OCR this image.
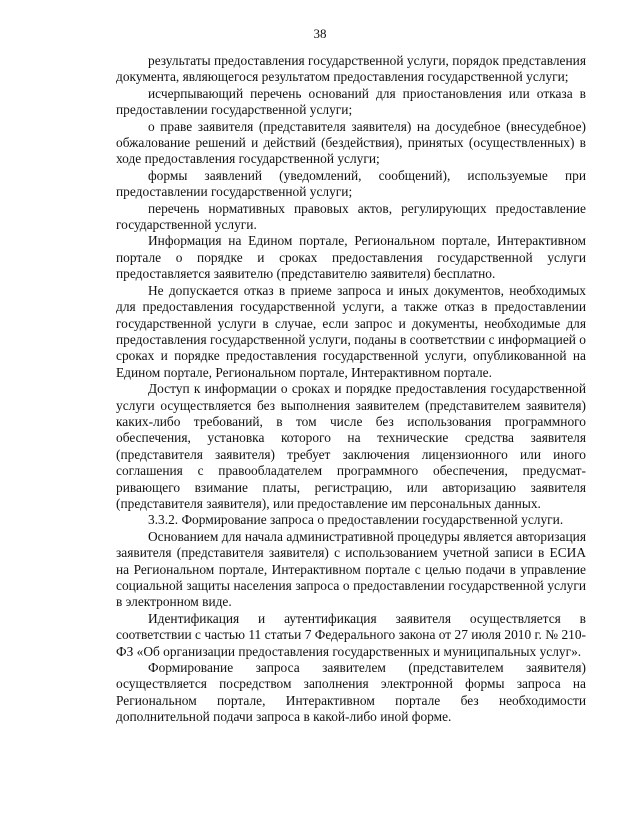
38

результаты предоставления государственной услуги, порядок представления документа, являющегося результатом предоставления государственной услуги;

исчерпывающий перечень оснований для приостановления или отказа в предоставлении государственной услуги;

о праве заявителя (представителя заявителя) на досудебное (внесудебное) обжалование решений и действий (бездействия), принятых (осуществленных) в ходе предоставления государственной услуги;

формы заявлений (уведомлений, сообщений), используемые при предоставлении государственной услуги;

перечень нормативных правовых актов, регулирующих предоставление государственной услуги.

Информация на Едином портале, Региональном портале, Интерактивном портале о порядке и сроках предоставления государственной услуги предоставляется заявителю (представителю заявителя) бесплатно.

Не допускается отказ в приеме запроса и иных документов, необходимых для предоставления государственной услуги, а также отказ в предоставлении государственной услуги в случае, если запрос и документы, необходимые для предоставления государственной услуги, поданы в соответствии с информацией о сроках и порядке предоставления государственной услуги, опубликованной на Едином портале, Региональном портале, Интерактивном портале.

Доступ к информации о сроках и порядке предоставления государственной услуги осуществляется без выполнения заявителем (представителем заявителя) каких-либо требований, в том числе без использования программного обеспечения, установка которого на технические средства заявителя (представителя заявителя) требует заключения лицензионного или иного соглашения с правообладателем программного обеспечения, предусмат-ривающего взимание платы, регистрацию, или авторизацию заявителя (представителя заявителя), или предоставление им персональных данных.

3.3.2. Формирование запроса о предоставлении государственной услуги.

Основанием для начала административной процедуры является авторизация заявителя (представителя заявителя) с использованием учетной записи в ЕСИА на Региональном портале, Интерактивном портале с целью подачи в управление социальной защиты населения запроса о предоставлении государственной услуги в электронном виде.

Идентификация и аутентификация заявителя осуществляется в соответствии с частью 11 статьи 7 Федерального закона от 27 июля 2010 г. № 210-ФЗ «Об организации предоставления государственных и муниципальных услуг».

Формирование запроса заявителем (представителем заявителя) осуществляется посредством заполнения электронной формы запроса на Региональном портале, Интерактивном портале без необходимости дополнительной подачи запроса в какой-либо иной форме.
